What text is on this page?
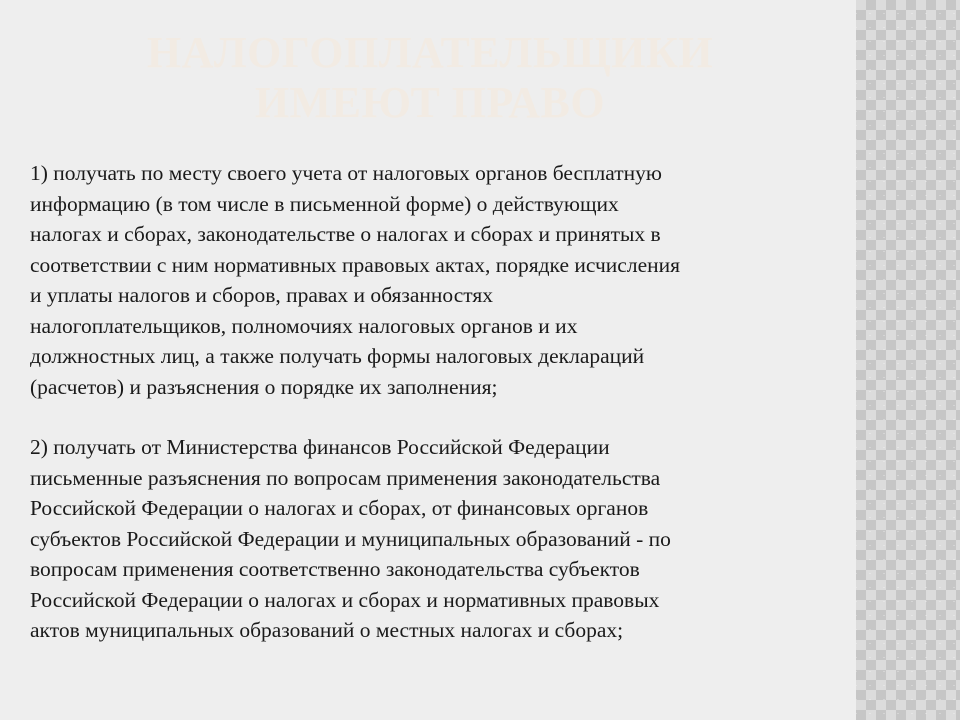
НАЛОГОПЛАТЕЛЬЩИКИ
ИМЕЮТ ПРАВО

1) получать по месту своего учета от налоговых органов бесплатную
информацию (в том числе в письменной форме) о действующих
налогах и сборах, законодательстве о налогах и сборах и принятых в
соответствии с ним нормативных правовых актах, порядке исчисления
и уплаты налогов и сборов, правах и обязанностях
налогоплательщиков, полномочиях налоговых органов и их
должностных лиц, а также получать формы налоговых деклараций
(расчетов) и разъяснения о порядке их заполнения;

2) получать от Министерства финансов Российской Федерации
письменные разъяснения по вопросам применения законодательства
Российской Федерации о налогах и сборах, от финансовых органов
субъектов Российской Федерации и муниципальных образований - по
вопросам применения соответственно законодательства субъектов
Российской Федерации о налогах и сборах и нормативных правовых
актов муниципальных образований о местных налогах и сборах;
